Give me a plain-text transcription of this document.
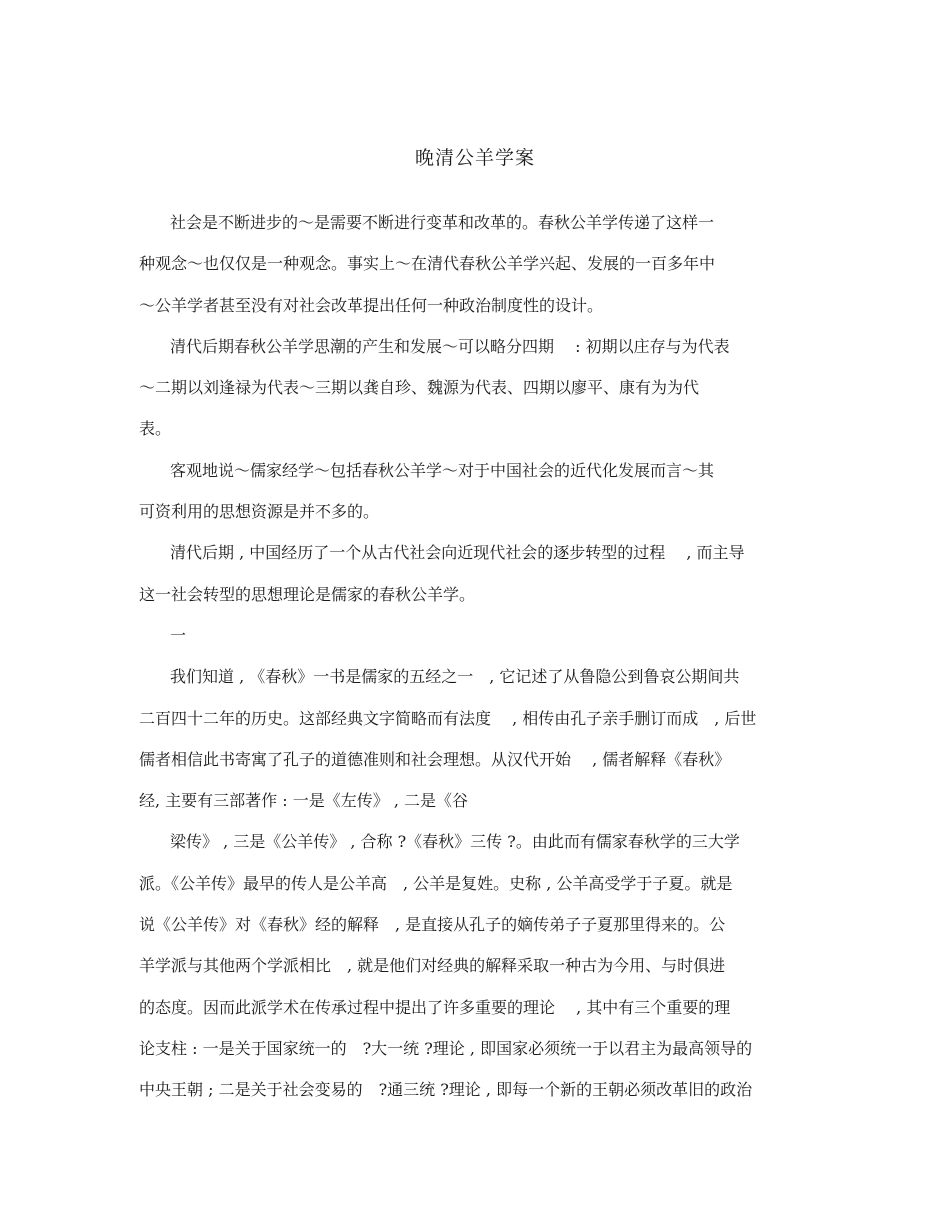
晚清公羊学案
社会是不断进步的～是需要不断进行变革和改革的。春秋公羊学传递了这样一
种观念～也仅仅是一种观念。事实上～在清代春秋公羊学兴起、发展的一百多年中
～公羊学者甚至没有对社会改革提出任何一种政治制度性的设计。
清代后期春秋公羊学思潮的产生和发展～可以略分四期　 : 初期以庄存与为代表
～二期以刘逢禄为代表～三期以龚自珍、魏源为代表、四期以廖平、康有为为代
表。
客观地说～儒家经学～包括春秋公羊学～对于中国社会的近代化发展而言～其
可资利用的思想资源是并不多的。
清代后期 , 中国经历了一个从古代社会向近现代社会的逐步转型的过程　 , 而主导
这一社会转型的思想理论是儒家的春秋公羊学。
一
我们知道 , 《春秋》一书是儒家的五经之一　, 它记述了从鲁隐公到鲁哀公期间共
二百四十二年的历史。这部经典文字简略而有法度　 , 相传由孔子亲手删订而成　, 后世
儒者相信此书寄寓了孔子的道德准则和社会理想。从汉代开始　 , 儒者解释《春秋》
经, 主要有三部著作 : 一是《左传》 , 二是《谷
梁传》 , 三是《公羊传》 , 合称 ?《春秋》三传 ?。由此而有儒家春秋学的三大学
派。《公羊传》最早的传人是公羊高　, 公羊是复姓。史称 , 公羊高受学于子夏。就是
说《公羊传》对《春秋》经的解释　, 是直接从孔子的嫡传弟子子夏那里得来的。公
羊学派与其他两个学派相比　, 就是他们对经典的解释采取一种古为今用、与时俱进
的态度。因而此派学术在传承过程中提出了许多重要的理论　 , 其中有三个重要的理
论支柱 : 一是关于国家统一的　?大一统 ?理论 , 即国家必须统一于以君主为最高领导的
中央王朝 ; 二是关于社会变易的　?通三统 ?理论 , 即每一个新的王朝必须改革旧的政治
